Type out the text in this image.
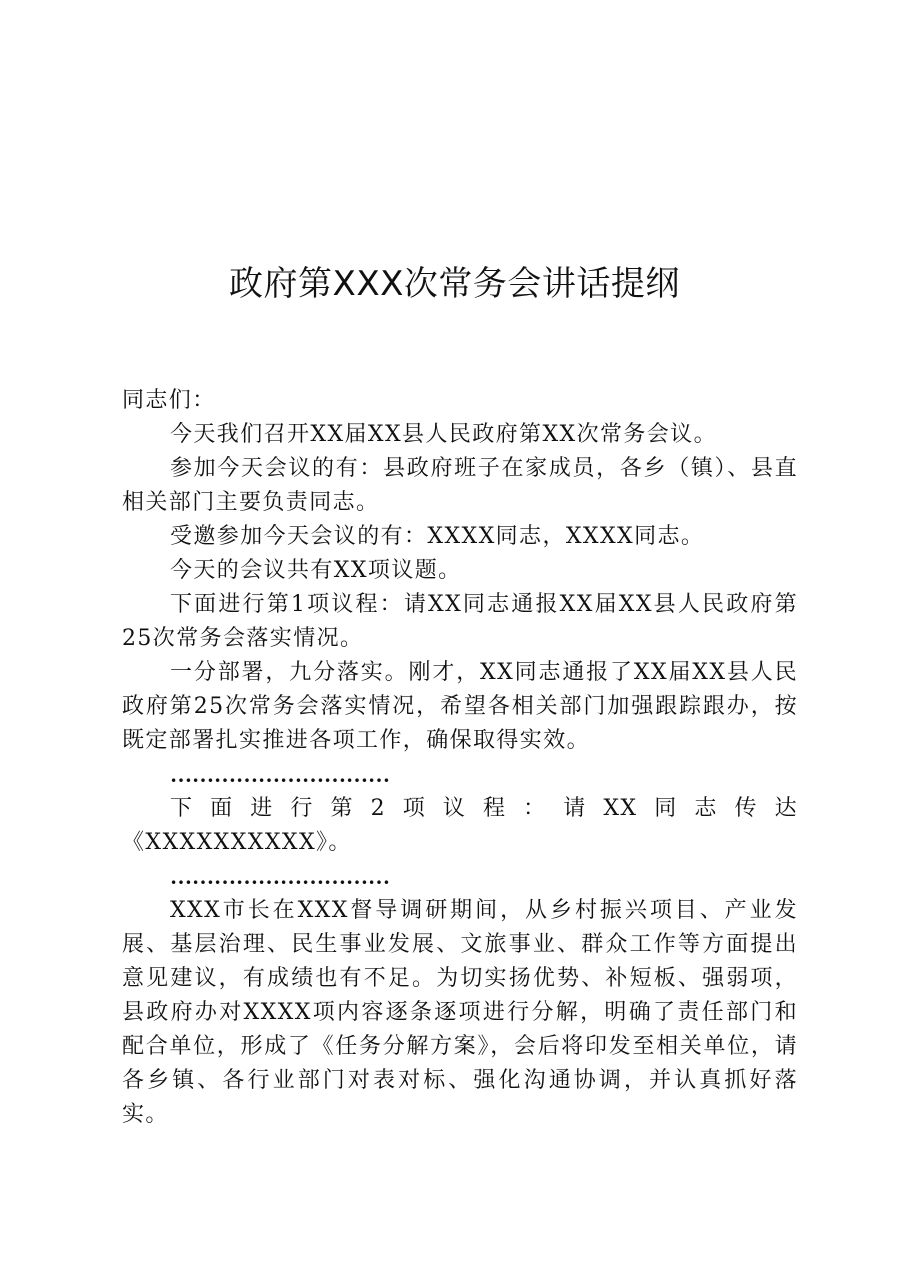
政府第XXX次常务会讲话提纲

同志们：

今天我们召开XX届XX县人民政府第XX次常务会议。

参加今天会议的有：县政府班子在家成员，各乡（镇）、县直相关部门主要负责同志。

受邀参加今天会议的有：XXXX同志，XXXX同志。

今天的会议共有XX项议题。

下面进行第1项议程：请XX同志通报XX届XX县人民政府第25次常务会落实情况。

一分部署，九分落实。刚才，XX同志通报了XX届XX县人民政府第25次常务会落实情况，希望各相关部门加强跟踪跟办，按既定部署扎实推进各项工作，确保取得实效。

…………………………

下面进行第2项议程：请XX同志传达

《XXXXXXXXXX》。

…………………………

XXX市长在XXX督导调研期间，从乡村振兴项目、产业发展、基层治理、民生事业发展、文旅事业、群众工作等方面提出意见建议，有成绩也有不足。为切实扬优势、补短板、强弱项，县政府办对XXXX项内容逐条逐项进行分解，明确了责任部门和配合单位，形成了《任务分解方案》，会后将印发至相关单位，请各乡镇、各行业部门对表对标、强化沟通协调，并认真抓好落实。
